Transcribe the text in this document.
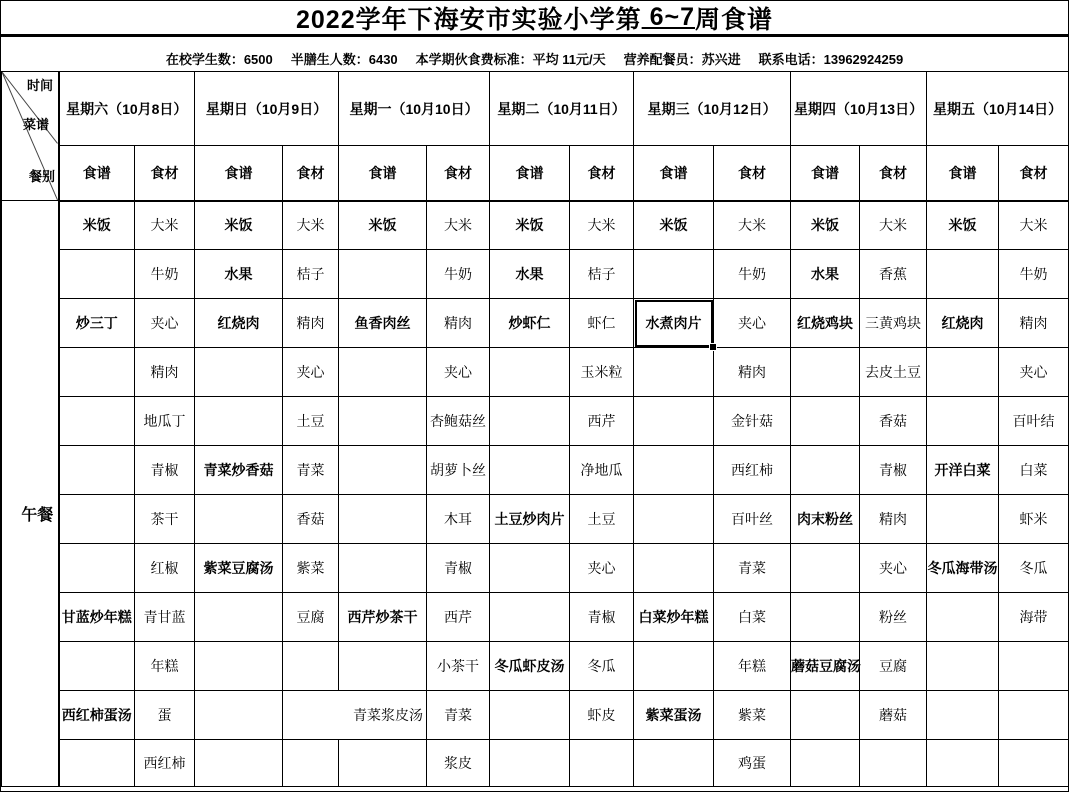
2022学年下海安市实验小学第 6~7 周食谱
在校学生数：6500 半膳生人数：6430 本学期伙食费标准：平均 11元/天 营养配餐员：苏兴进 联系电话：13962924259
时间
菜谱
餐别	星期六（10月8日）		星期日（10月9日）		星期一（10月10日）		星期二（10月11日）		星期三（10月12日）		星期四（10月13日）		星期五（10月14日）	
	食谱	食材	食谱	食材	食谱	食材	食谱	食材	食谱	食材	食谱	食材	食谱	食材

午餐	米饭	大米	米饭	大米	米饭	大米	米饭	大米	米饭	大米	米饭	大米	米饭	大米
		牛奶	水果	桔子		牛奶	水果	桔子		牛奶	水果	香蕉		牛奶
	炒三丁	夹心	红烧肉	精肉	鱼香肉丝	精肉	炒虾仁	虾仁	水煮肉片	夹心	红烧鸡块	三黄鸡块	红烧肉	精肉
		精肉		夹心		夹心		玉米粒		精肉		去皮土豆		夹心
		地瓜丁		土豆		杏鲍菇丝		西芹		金针菇		香菇		百叶结
		青椒	青菜炒香菇	青菜		胡萝卜丝		净地瓜		西红柿		青椒	开洋白菜	白菜
		茶干		香菇		木耳	土豆炒肉片	土豆		百叶丝	肉末粉丝	精肉		虾米
		红椒	紫菜豆腐汤	紫菜		青椒		夹心		青菜		夹心	冬瓜海带汤	冬瓜
	甘蓝炒年糕	青甘蓝		豆腐	西芹炒茶干	西芹		青椒	白菜炒年糕	白菜		粉丝		海带
		年糕				小茶干	冬瓜虾皮汤	冬瓜		年糕	蘑菇豆腐汤	豆腐		
	西红柿蛋汤	蛋		青菜浆皮汤		青菜		虾皮	紫菜蛋汤	紫菜		蘑菇		
		西红柿				浆皮				鸡蛋				
